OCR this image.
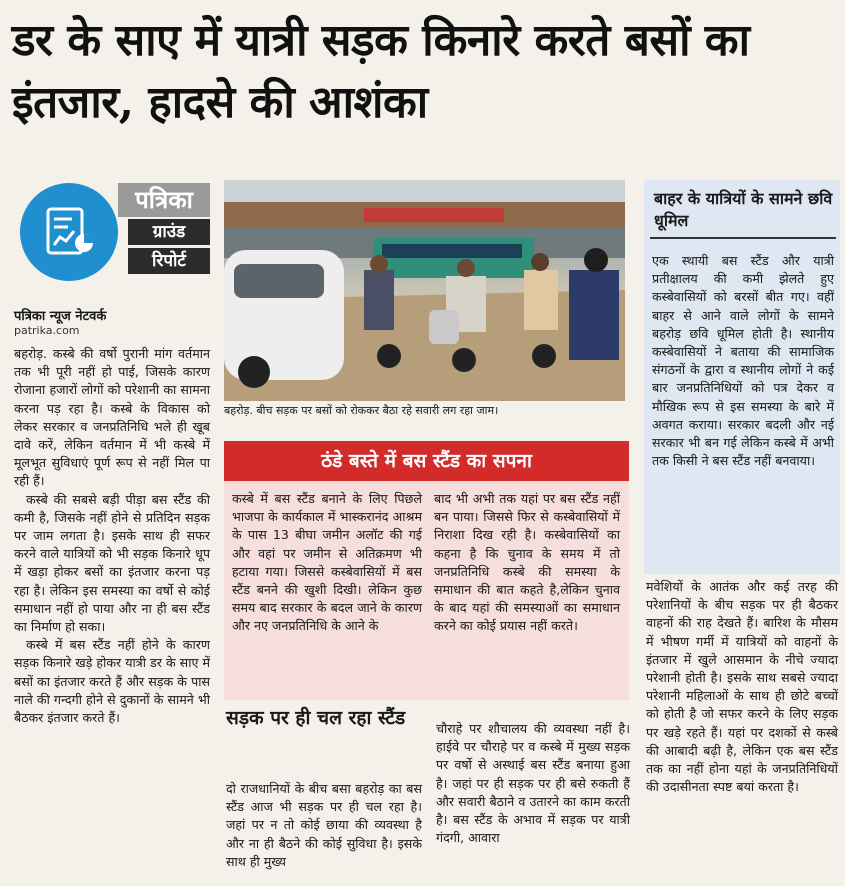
डर के साए में यात्री सड़क किनारे करते बसों का इंतजार, हादसे की आशंका
पत्रिका
ग्राउंड
रिपोर्ट
पत्रिका न्यूज नेटवर्क
patrika.com

बहरोड़. कस्बे की वर्षो पुरानी मांग वर्तमान तक भी पूरी नहीं हो पाई, जिसके कारण रोजाना हजारों लोगों को परेशानी का सामना करना पड़ रहा है। कस्बे के विकास को लेकर सरकार व जनप्रतिनिधि भले ही खूब दावे करें, लेकिन वर्तमान में भी कस्बे में मूलभूत सुविधाएं पूर्ण रूप से नहीं मिल पा रही हैं।

कस्बे की सबसे बड़ी पीड़ा बस स्टैंड की कमी है, जिसके नहीं होने से प्रतिदिन सड़क पर जाम लगता है। इसके साथ ही सफर करने वाले यात्रियों को भी सड़क किनारे धूप में खड़ा होकर बसों का इंतजार करना पड़ रहा है। लेकिन इस समस्या का वर्षो से कोई समाधान नहीं हो पाया और ना ही बस स्टैंड का निर्माण हो सका।

कस्बे में बस स्टैंड नहीं होने के कारण सड़क किनारे खड़े होकर यात्री डर के साए में बसों का इंतजार करते हैं और सड़क के पास नाले की गन्दगी होने से दुकानों के सामने भी बैठकर इंतजार करते हैं।

बहरोड़. बीच सड़क पर बसों को रोककर बैठा रहे सवारी लग रहा जाम।
ठंडे बस्ते में बस स्टैंड का सपना
कस्बे में बस स्टैंड बनाने के लिए पिछले भाजपा के कार्यकाल में भास्करानंद आश्रम के पास 13 बीघा जमीन अलॉट की गई और वहां पर जमीन से अतिक्रमण भी हटाया गया। जिससे कस्बेवासियों में बस स्टैंड बनने की खुशी दिखी। लेकिन कुछ समय बाद सरकार के बदल जाने के कारण और नए जनप्रतिनिधि के आने के
बाद भी अभी तक यहां पर बस स्टैंड नहीं बन पाया। जिससे फिर से कस्बेवासियों में निराशा दिख रही है। कस्बेवासियों का कहना है कि चुनाव के समय में तो जनप्रतिनिधि कस्बे की समस्या के समाधान की बात कहते है,लेकिन चुनाव के बाद यहां की समस्याओं का समाधान करने का कोई प्रयास नहीं करते।
बाहर के यात्रियों के सामने छवि धूमिल
एक स्थायी बस स्टैंड और यात्री प्रतीक्षालय की कमी झेलते हुए कस्बेवासियों को बरसों बीत गए। वहीं बाहर से आने वाले लोगों के सामने बहरोड़ छवि धूमिल होती है। स्थानीय कस्बेवासियों ने बताया की सामाजिक संगठनों के द्वारा व स्थानीय लोगों ने कई बार जनप्रतिनिधियों को पत्र देकर व मौखिक रूप से इस समस्या के बारे में अवगत कराया। सरकार बदली और नई सरकार भी बन गई लेकिन कस्बे में अभी तक किसी ने बस स्टैंड नहीं बनवाया।
मवेशियों के आतंक और कई तरह की परेशानियों के बीच सड़क पर ही बैठकर वाहनों की राह देखते हैं। बारिश के मौसम में भीषण गर्मी में यात्रियों को वाहनों के इंतजार में खुले आसमान के नीचे ज्यादा परेशानी होती है। इसके साथ सबसे ज्यादा परेशानी महिलाओं के साथ ही छोटे बच्चों को होती है जो सफर करने के लिए सड़क पर खड़े रहते हैं। यहां पर दशकों से कस्बे की आबादी बढ़ी है, लेकिन एक बस स्टैंड तक का नहीं होना यहां के जनप्रतिनिधियों की उदासीनता स्पष्ट बयां करता है।
सड़क पर ही चल रहा स्टैंड
दो राजधानियों के बीच बसा बहरोड़ का बस स्टैंड आज भी सड़क पर ही चल रहा है। जहां पर न तो कोई छाया की व्यवस्था है और ना ही बैठने की कोई सुविधा है। इसके साथ ही मुख्य
चौराहे पर शौचालय की व्यवस्था नहीं है। हाईवे पर चौराहे पर व कस्बे में मुख्य सड़क पर वर्षो से अस्थाई बस स्टैंड बनाया हुआ है। जहां पर ही सड़क पर ही बसे रुकती हैं और सवारी बैठाने व उतारने का काम करती है। बस स्टैंड के अभाव में सड़क पर यात्री गंदगी, आवारा
